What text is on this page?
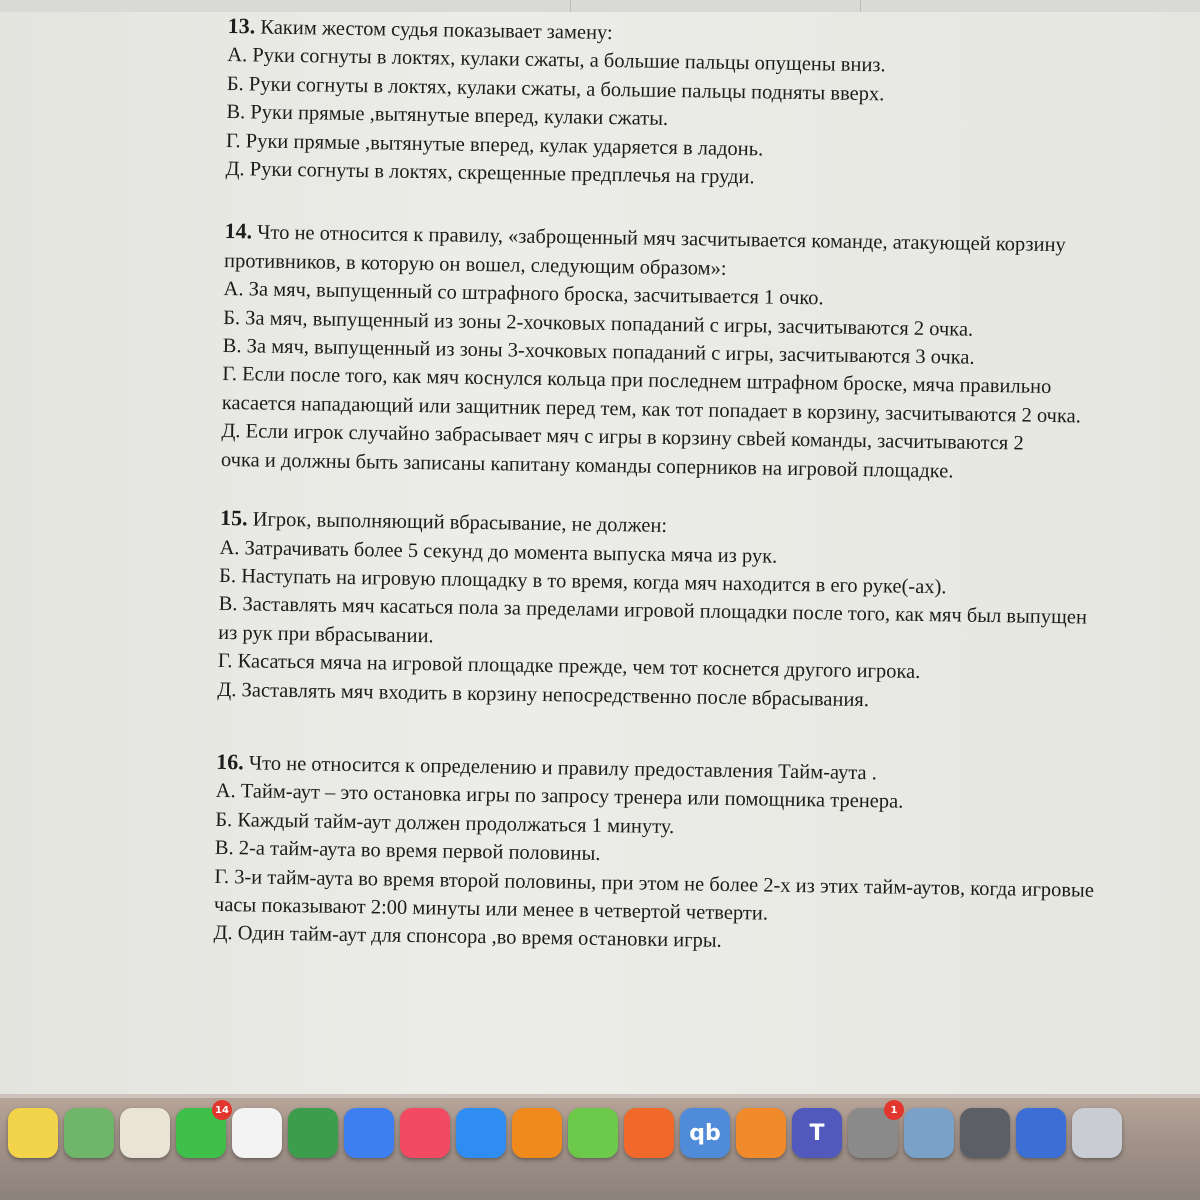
13. Каким жестом судья показывает замену:
А. Руки согнуты в локтях, кулаки сжаты, а большие пальцы опущены вниз.
Б. Руки согнуты в локтях, кулаки сжаты, а большие пальцы подняты вверх.
В. Руки прямые ,вытянутые вперед, кулаки сжаты.
Г. Руки прямые ,вытянутые вперед, кулак ударяется в ладонь.
Д. Руки согнуты в локтях, скрещенные предплечья на груди.
14. Что не относится к правилу, «заброщенный мяч засчитывается команде, атакующей корзину противников, в которую он вошел, следующим образом»:
А. За мяч, выпущенный со штрафного броска, засчитывается 1 очко.
Б. За мяч, выпущенный из зоны 2-хочковых попаданий с игры, засчитываются 2 очка.
В. За мяч, выпущенный из зоны 3-хочковых попаданий с игры, засчитываются 3 очка.
Г. Если после того, как мяч коснулся кольца при последнем штрафном броске, мяча правильно касается нападающий или защитник перед тем, как тот попадает в корзину, засчитываются 2 очка.
Д. Если игрок случайно забрасывает мяч с игры в корзину свbей команды, засчитываются 2 очка и должны быть записаны капитану команды соперников на игровой площадке.
15. Игрок, выполняющий вбрасывание, не должен:
А. Затрачивать более 5 секунд до момента выпуска мяча из рук.
Б. Наступать на игровую площадку в то время, когда мяч находится в его руке(-ах).
В. Заставлять мяч касаться пола за пределами игровой площадки после того, как мяч был выпущен из рук при вбрасывании.
Г. Касаться мяча на игровой площадке прежде, чем тот коснется другого игрока.
Д. Заставлять мяч входить в корзину непосредственно после вбрасывания.
16. Что не относится к определению и правилу предоставления Тайм-аута .
А. Тайм-аут – это остановка игры по запросу тренера или помощника тренера.
Б. Каждый тайм-аут должен продолжаться 1 минуту.
В. 2-а тайм-аута во время первой половины.
Г. 3-и тайм-аута во время второй половины, при этом не более 2-х из этих тайм-аутов, когда игровые часы показывают 2:00 минуты или менее в четвертой четверти.
Д. Один тайм-аут для спонсора ,во время остановки игры.
14
qb	T
1
